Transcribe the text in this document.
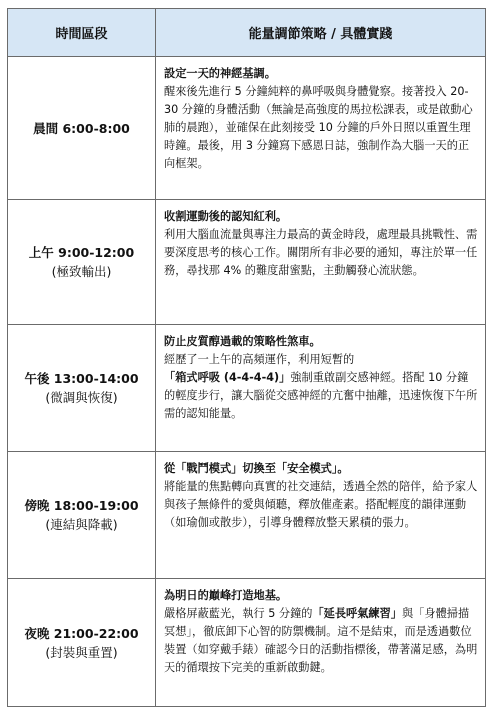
時間區段	能量調節策略 / 具體實踐

晨間 6:00-8:00	設定一天的神經基調。
醒來後先進行 5 分鐘純粹的鼻呼吸與身體覺察。接著投入 20-30 分鐘的身體活動（無論是高強度的馬拉松課表，或是啟動心肺的晨跑），並確保在此刻接受 10 分鐘的戶外日照以重置生理時鐘。最後，用 3 分鐘寫下感恩日誌，強制作為大腦一天的正向框架。

上午 9:00-12:00
(極致輸出)	收割運動後的認知紅利。
利用大腦血流量與專注力最高的黃金時段，處理最具挑戰性、需要深度思考的核心工作。關閉所有非必要的通知，專注於單一任務，尋找那 4% 的難度甜蜜點，主動觸發心流狀態。

午後 13:00-14:00
(微調與恢復)	防止皮質醇過載的策略性煞車。
經歷了一上午的高頻運作，利用短暫的「箱式呼吸 (4-4-4-4)」強制重啟副交感神經。搭配 10 分鐘的輕度步行，讓大腦從交感神經的亢奮中抽離，迅速恢復下午所需的認知能量。

傍晚 18:00-19:00
(連結與降載)	從「戰鬥模式」切換至「安全模式」。
將能量的焦點轉向真實的社交連結，透過全然的陪伴，給予家人與孩子無條件的愛與傾聽，釋放催產素。搭配輕度的韻律運動（如瑜伽或散步），引導身體釋放整天累積的張力。

夜晚 21:00-22:00
(封裝與重置)	為明日的巔峰打造地基。
嚴格屏蔽藍光，執行 5 分鐘的「延長呼氣練習」與「身體掃描冥想」，徹底卸下心智的防禦機制。這不是結束，而是透過數位裝置（如穿戴手錶）確認今日的活動指標後，帶著滿足感，為明天的循環按下完美的重新啟動鍵。
